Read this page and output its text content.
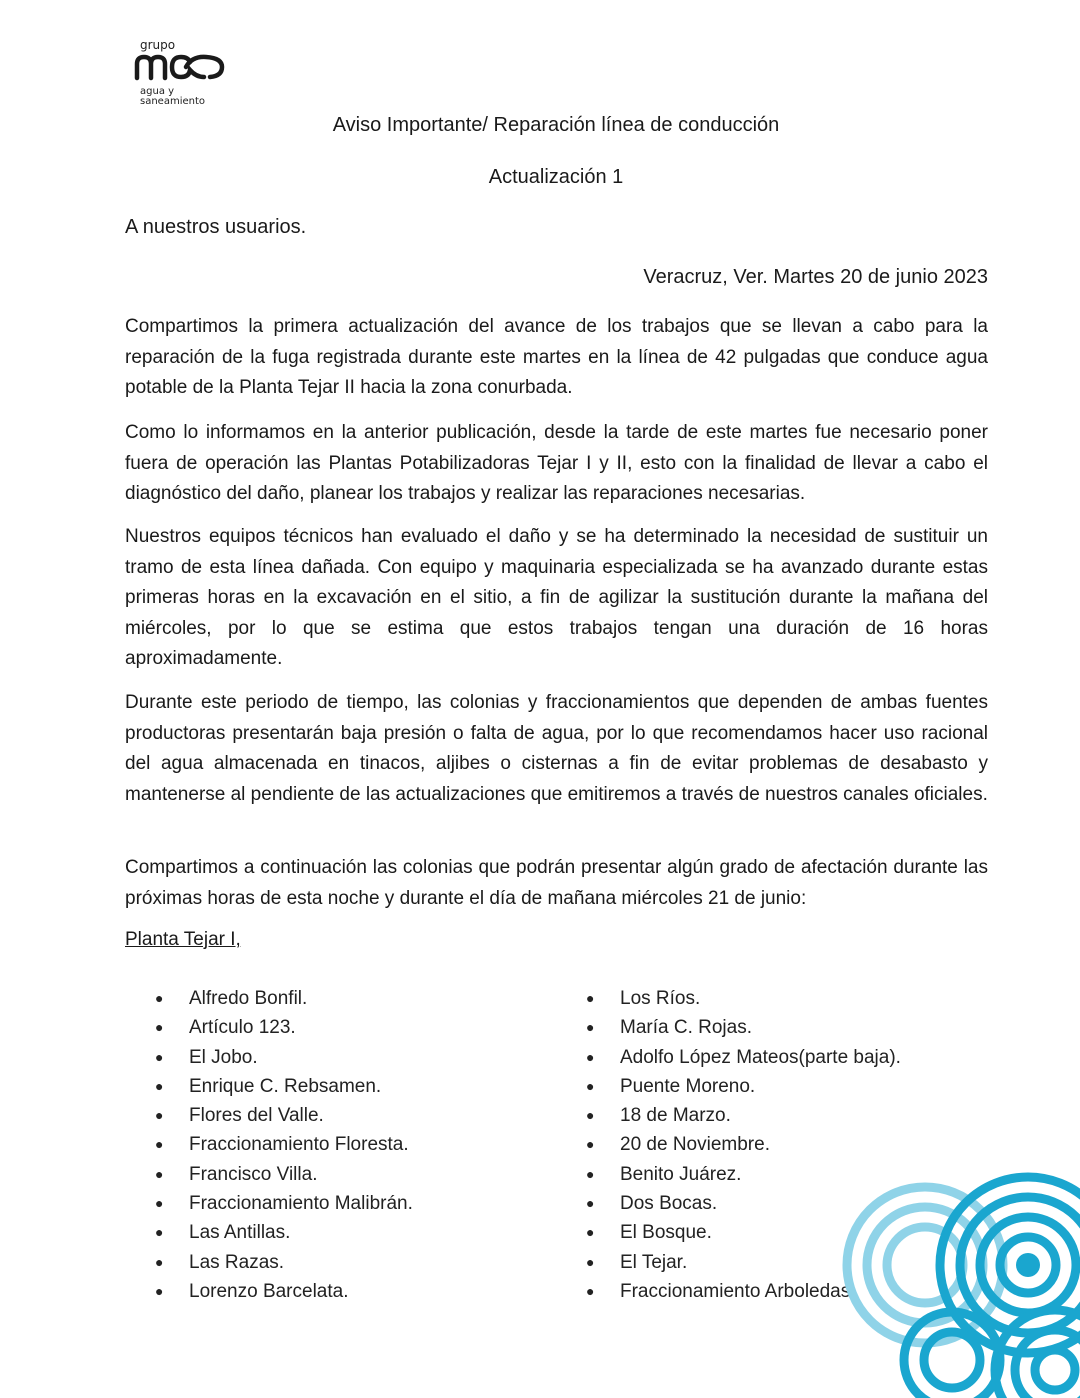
grupo
agua y
saneamiento
Aviso Importante/ Reparación línea de conducción
Actualización 1
A nuestros usuarios.
Veracruz, Ver. Martes 20 de junio 2023

Compartimos la primera actualización del avance de los trabajos que se llevan a cabo para la reparación de la fuga registrada durante este martes en la línea de 42 pulgadas que conduce agua potable de la Planta Tejar II hacia la zona conurbada.

Como lo informamos en la anterior publicación, desde la tarde de este martes fue necesario poner fuera de operación las Plantas Potabilizadoras Tejar I y II, esto con la finalidad de llevar a cabo el diagnóstico del daño, planear los trabajos y realizar las reparaciones necesarias.

Nuestros equipos técnicos han evaluado el daño y se ha determinado la necesidad de sustituir un tramo de esta línea dañada. Con equipo y maquinaria especializada se ha avanzado durante estas primeras horas en la excavación en el sitio, a fin de agilizar la sustitución durante la mañana del miércoles, por lo que se estima que estos trabajos tengan una duración de 16 horas aproximadamente.

Durante este periodo de tiempo, las colonias y fraccionamientos que dependen de ambas fuentes productoras presentarán baja presión o falta de agua, por lo que recomendamos hacer uso racional del agua almacenada en tinacos, aljibes o cisternas a fin de evitar problemas de desabasto y mantenerse al pendiente de las actualizaciones que emitiremos a través de nuestros canales oficiales.

Compartimos a continuación las colonias que podrán presentar algún grado de afectación durante las próximas horas de esta noche y durante el día de mañana miércoles 21 de junio:

Planta Tejar I,
● Alfredo Bonfil.
● Artículo 123.
● El Jobo.
● Enrique C. Rebsamen.
● Flores del Valle.
● Fraccionamiento Floresta.
● Francisco Villa.
● Fraccionamiento Malibrán.
● Las Antillas.
● Las Razas.
● Lorenzo Barcelata.
● Los Ríos.
● María C. Rojas.
● Adolfo López Mateos(parte baja).
● Puente Moreno.
● 18 de Marzo.
● 20 de Noviembre.
● Benito Juárez.
● Dos Bocas.
● El Bosque.
● El Tejar.
● Fraccionamiento Arboledas.
